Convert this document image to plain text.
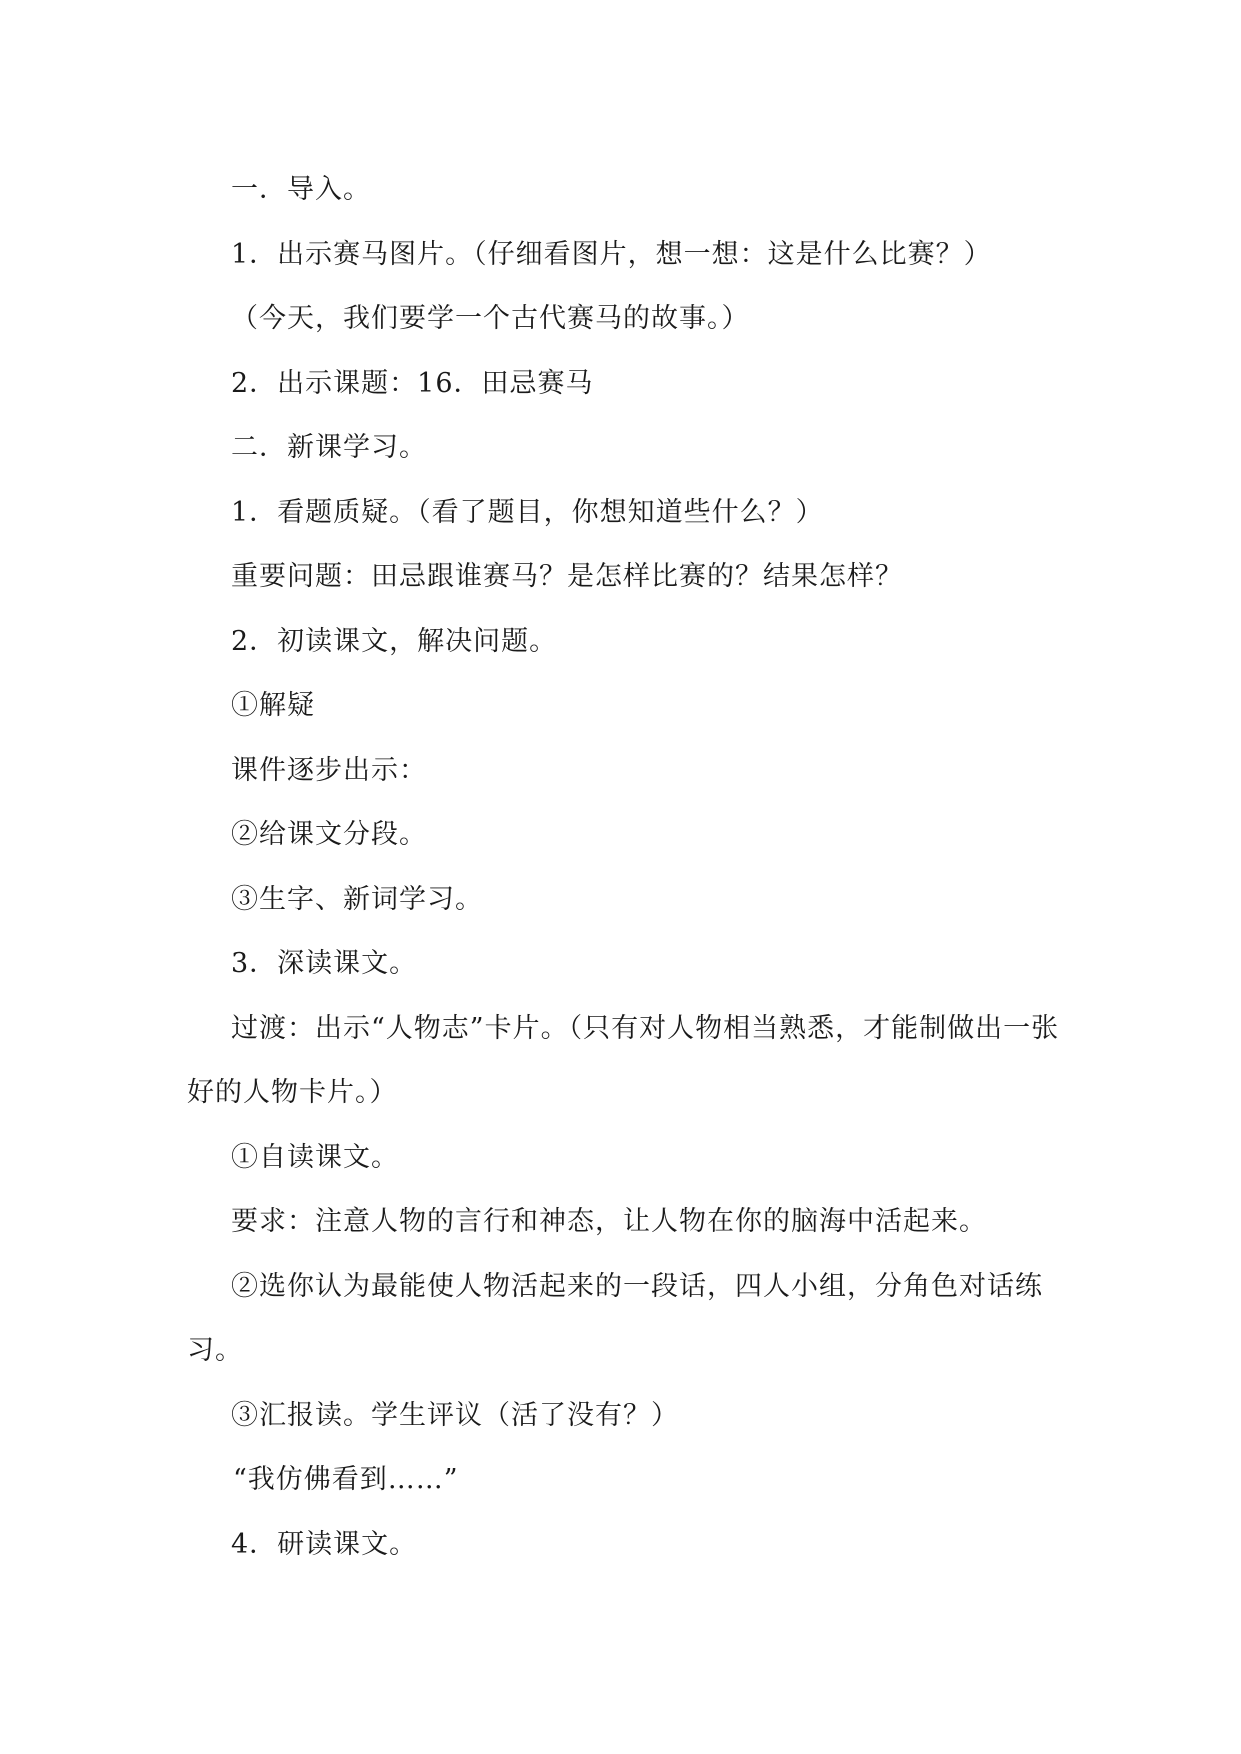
一．导入。

1．出示赛马图片。（仔细看图片，想一想：这是什么比赛？）

（今天，我们要学一个古代赛马的故事。）

2．出示课题：16．田忌赛马

二．新课学习。

1．看题质疑。（看了题目，你想知道些什么？）

重要问题：田忌跟谁赛马？是怎样比赛的？结果怎样？

2．初读课文，解决问题。

①解疑

课件逐步出示：

②给课文分段。

③生字、新词学习。

3．深读课文。

过渡：出示“人物志”卡片。（只有对人物相当熟悉，才能制做出一张好的人物卡片。）

①自读课文。

要求：注意人物的言行和神态，让人物在你的脑海中活起来。

②选你认为最能使人物活起来的一段话，四人小组，分角色对话练习。

③汇报读。学生评议（活了没有？）

“我仿佛看到……”

4．研读课文。
